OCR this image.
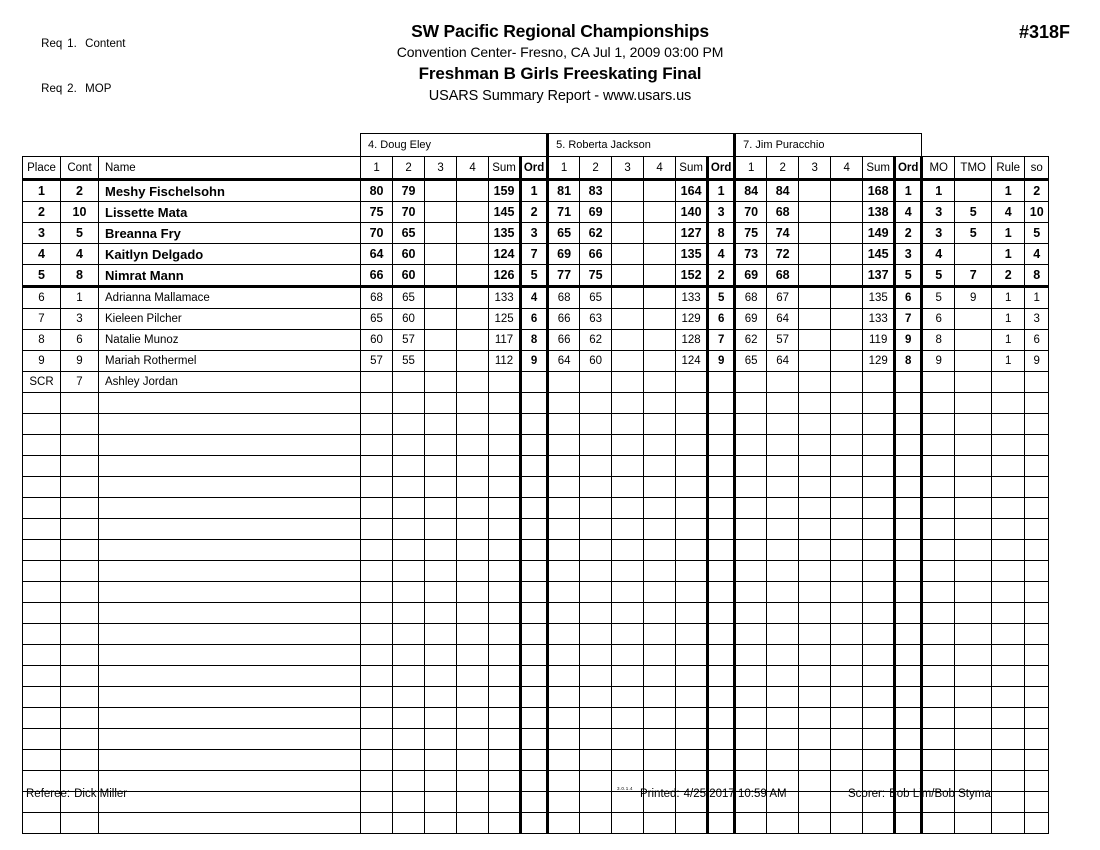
Req 1. Content

Req 2. MOP

SW Pacific Regional Championships
Convention Center- Fresno, CA Jul 1, 2009 03:00 PM
Freshman B Girls Freeskating Final
USARS Summary Report - www.usars.us
#318F
			4. Doug Eley						5. Roberta Jackson						7. Jim Puracchio									
Place	Cont	Name	1	2	3	4	Sum	Ord	1	2	3	4	Sum	Ord	1	2	3	4	Sum	Ord	MO	TMO	Rule	so
1	2	Meshy Fischelsohn	80	79			159	1	81	83			164	1	84	84			168	1	1		1	2
2	10	Lissette Mata	75	70			145	2	71	69			140	3	70	68			138	4	3	5	4	10
3	5	Breanna Fry	70	65			135	3	65	62			127	8	75	74			149	2	3	5	1	5
4	4	Kaitlyn Delgado	64	60			124	7	69	66			135	4	73	72			145	3	4		1	4
5	8	Nimrat Mann	66	60			126	5	77	75			152	2	69	68			137	5	5	7	2	8
6	1	Adrianna Mallamace	68	65			133	4	68	65			133	5	68	67			135	6	5	9	1	1
7	3	Kieleen Pilcher	65	60			125	6	66	63			129	6	69	64			133	7	6		1	3
8	6	Natalie Munoz	60	57			117	8	66	62			128	7	62	57			119	9	8		1	6
9	9	Mariah Rothermel	57	55			112	9	64	60			124	9	65	64			129	8	9		1	9
SCR	7	Ashley Jordan																						

Referee: Dick Miller	3.0.1.4 Printed: 4/25/2017 10:59 AM	Scorer: Bob Lim/Bob Styma
